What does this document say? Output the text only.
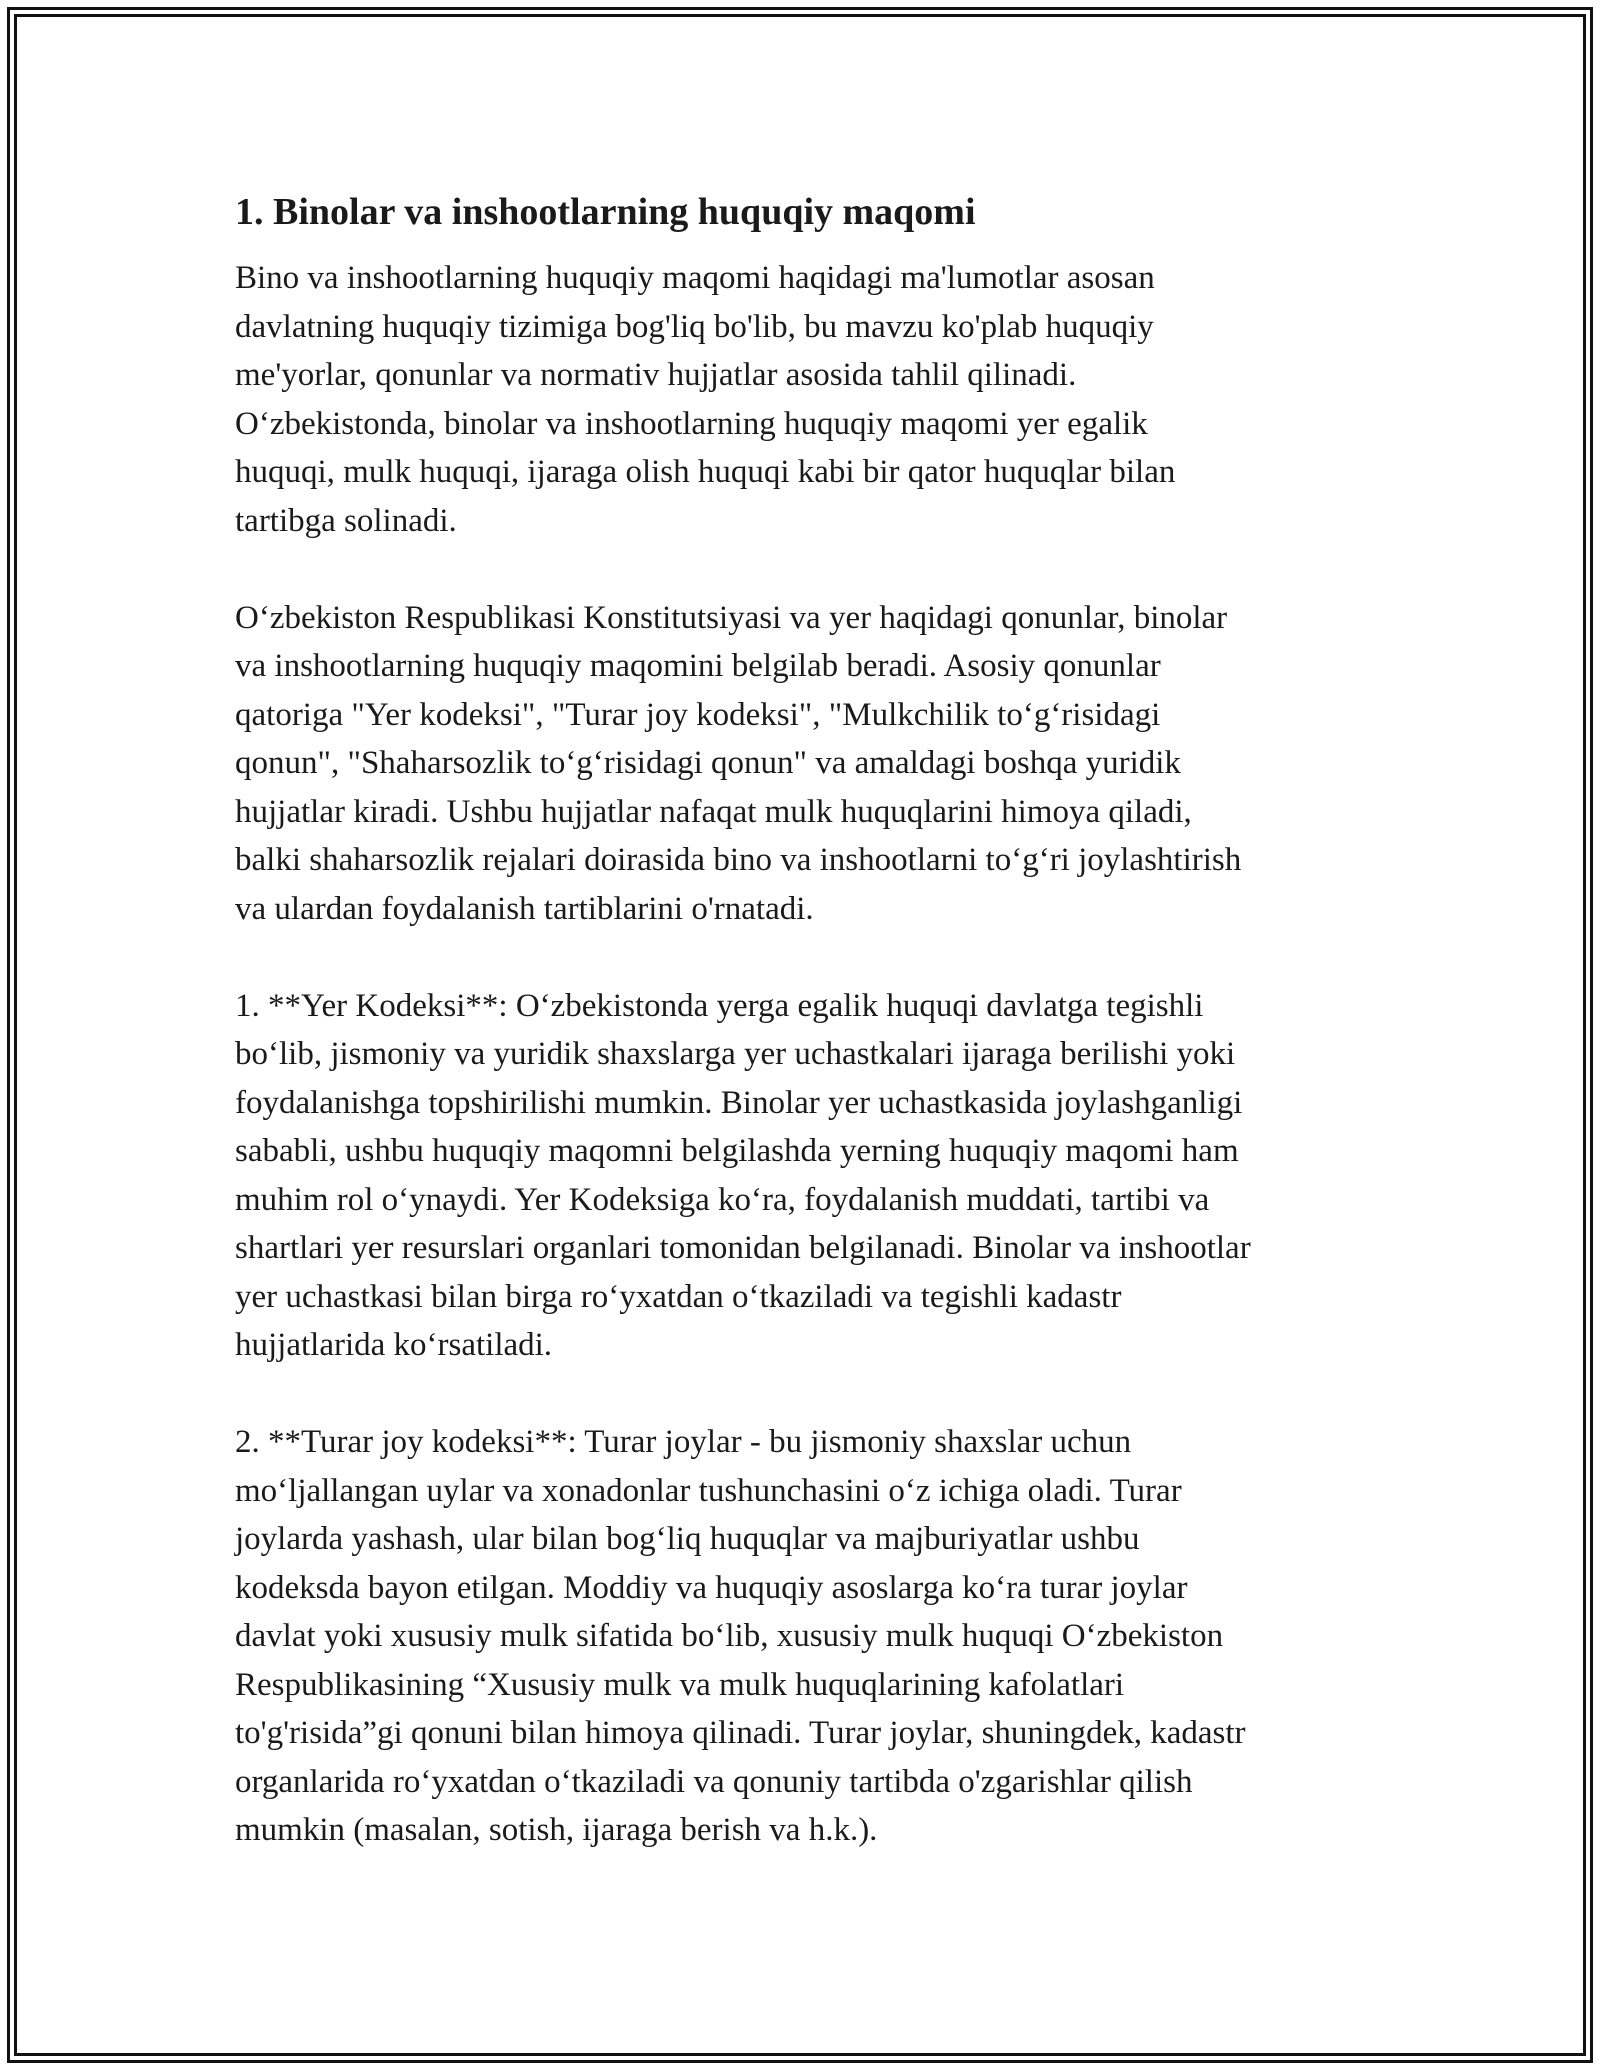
1. Binolar va inshootlarning huquqiy maqomi

Bino va inshootlarning huquqiy maqomi haqidagi ma'lumotlar asosan
davlatning huquqiy tizimiga bog'liq bo'lib, bu mavzu ko'plab huquqiy
me'yorlar, qonunlar va normativ hujjatlar asosida tahlil qilinadi.
O‘zbekistonda, binolar va inshootlarning huquqiy maqomi yer egalik
huquqi, mulk huquqi, ijaraga olish huquqi kabi bir qator huquqlar bilan
tartibga solinadi.

O‘zbekiston Respublikasi Konstitutsiyasi va yer haqidagi qonunlar, binolar
va inshootlarning huquqiy maqomini belgilab beradi. Asosiy qonunlar
qatoriga "Yer kodeksi", "Turar joy kodeksi", "Mulkchilik to‘g‘risidagi
qonun", "Shaharsozlik to‘g‘risidagi qonun" va amaldagi boshqa yuridik
hujjatlar kiradi. Ushbu hujjatlar nafaqat mulk huquqlarini himoya qiladi,
balki shaharsozlik rejalari doirasida bino va inshootlarni to‘g‘ri joylashtirish
va ulardan foydalanish tartiblarini o'rnatadi.

1. **Yer Kodeksi**: O‘zbekistonda yerga egalik huquqi davlatga tegishli
bo‘lib, jismoniy va yuridik shaxslarga yer uchastkalari ijaraga berilishi yoki
foydalanishga topshirilishi mumkin. Binolar yer uchastkasida joylashganligi
sababli, ushbu huquqiy maqomni belgilashda yerning huquqiy maqomi ham
muhim rol o‘ynaydi. Yer Kodeksiga ko‘ra, foydalanish muddati, tartibi va
shartlari yer resurslari organlari tomonidan belgilanadi. Binolar va inshootlar
yer uchastkasi bilan birga ro‘yxatdan o‘tkaziladi va tegishli kadastr
hujjatlarida ko‘rsatiladi.

2. **Turar joy kodeksi**: Turar joylar - bu jismoniy shaxslar uchun
mo‘ljallangan uylar va xonadonlar tushunchasini o‘z ichiga oladi. Turar
joylarda yashash, ular bilan bog‘liq huquqlar va majburiyatlar ushbu
kodeksda bayon etilgan. Moddiy va huquqiy asoslarga ko‘ra turar joylar
davlat yoki xususiy mulk sifatida bo‘lib, xususiy mulk huquqi O‘zbekiston
Respublikasining “Xususiy mulk va mulk huquqlarining kafolatlari
to'g'risida”gi qonuni bilan himoya qilinadi. Turar joylar, shuningdek, kadastr
organlarida ro‘yxatdan o‘tkaziladi va qonuniy tartibda o'zgarishlar qilish
mumkin (masalan, sotish, ijaraga berish va h.k.).
